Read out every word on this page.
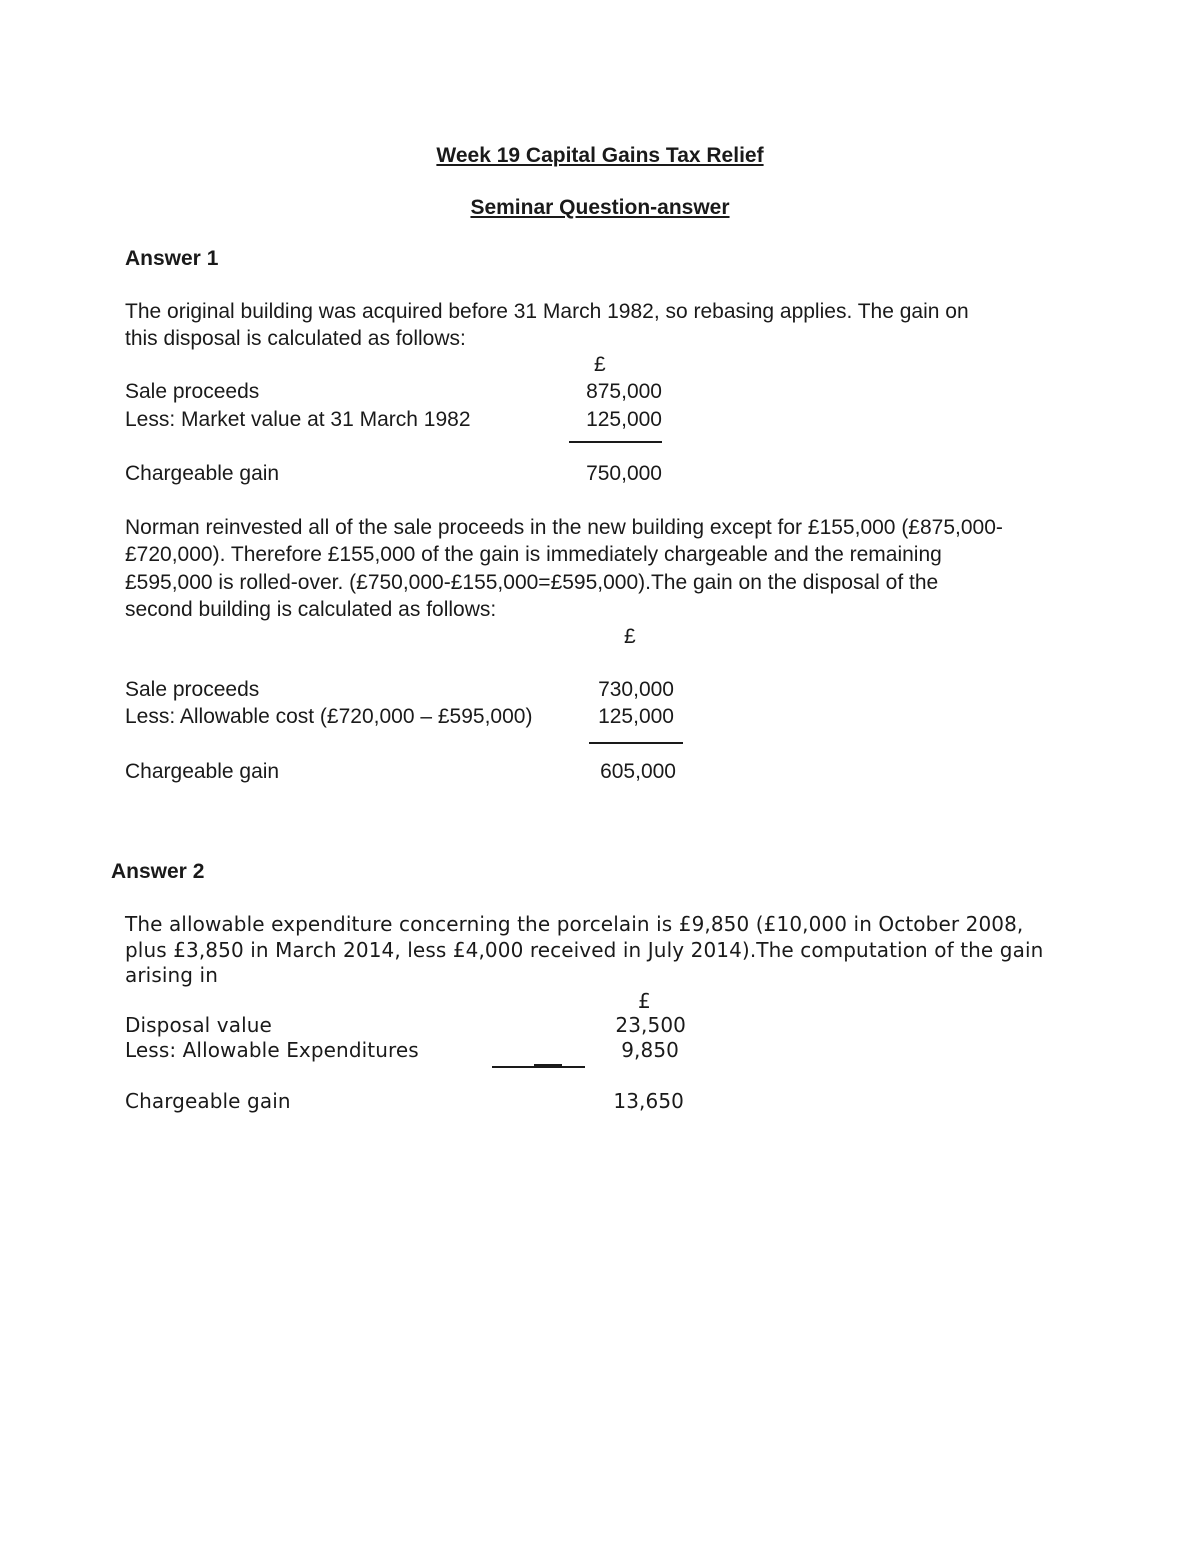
Week 19 Capital Gains Tax Relief
Seminar Question-answer
Answer 1
The original building was acquired before 31 March 1982, so rebasing applies. The gain on
this disposal is calculated as follows:
£
Sale proceeds	875,000
Less: Market value at 31 March 1982	125,000
Chargeable gain	750,000
Norman reinvested all of the sale proceeds in the new building except for £155,000 (£875,000-
£720,000). Therefore £155,000 of the gain is immediately chargeable and the remaining
£595,000 is rolled-over. (£750,000-£155,000=£595,000).The gain on the disposal of the
second building is calculated as follows:
£
Sale proceeds	730,000
Less: Allowable cost (£720,000 – £595,000)	125,000
Chargeable gain	605,000
Answer 2
The allowable expenditure concerning the porcelain is £9,850 (£10,000 in October 2008,
plus £3,850 in March 2014, less £4,000 received in July 2014).The computation of the gain
arising in
£
Disposal value	23,500
Less: Allowable Expenditures	9,850
Chargeable gain	13,650
